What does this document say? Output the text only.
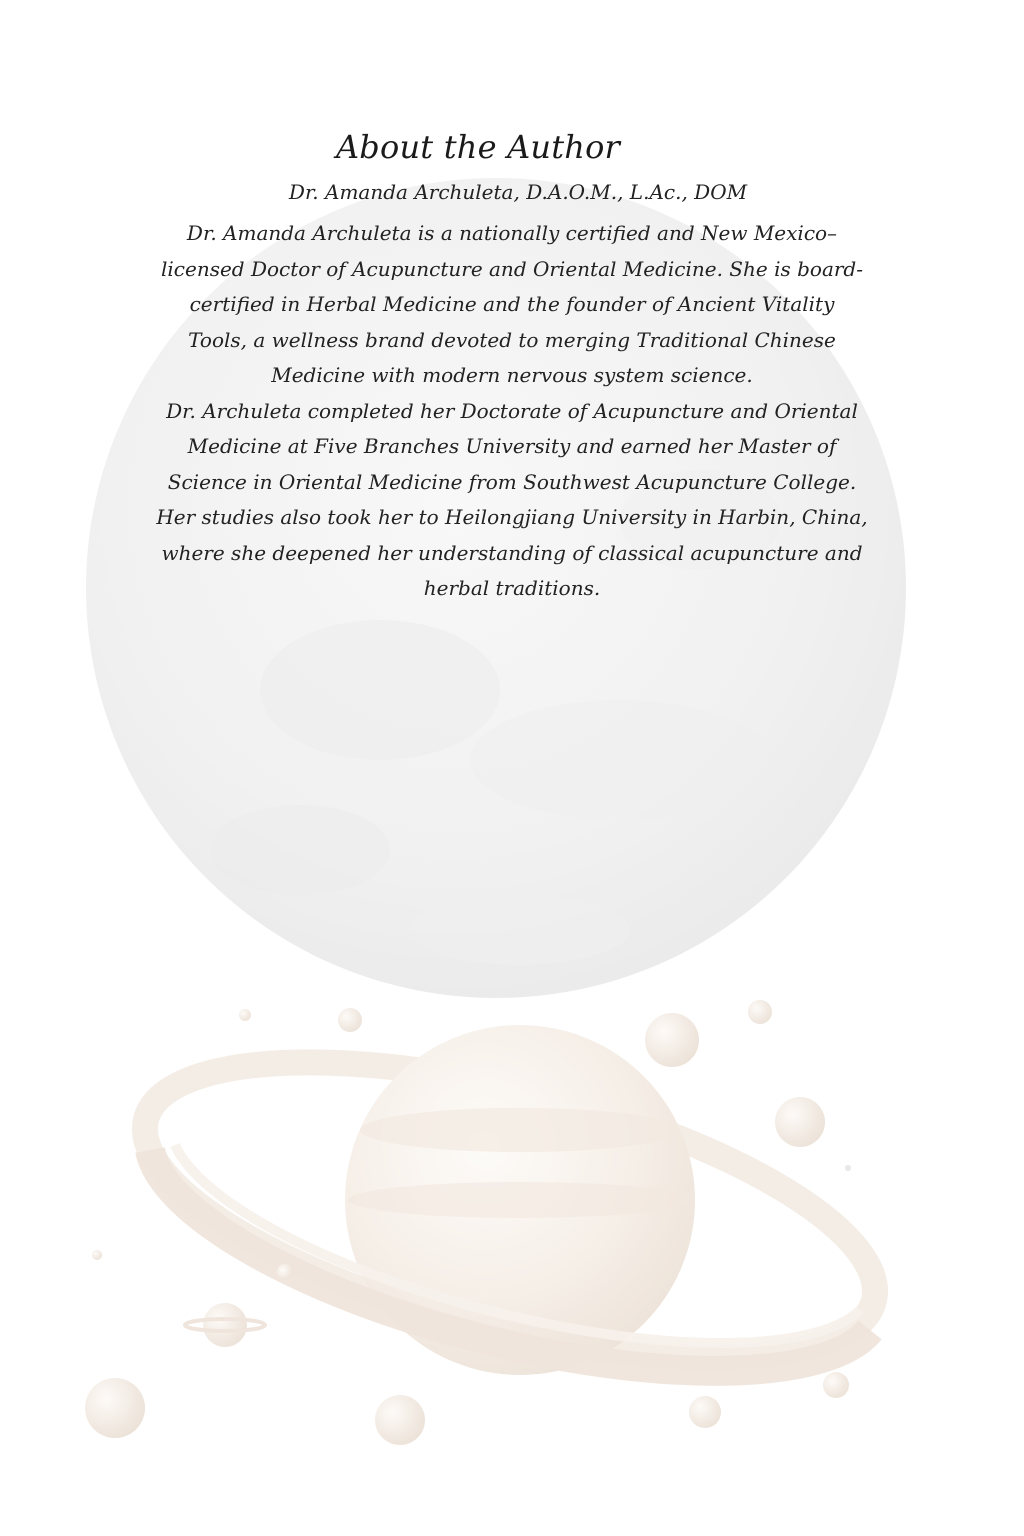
About the Author

Dr. Amanda Archuleta, D.A.O.M., L.Ac., DOM

Dr. Amanda Archuleta is a nationally certified and New Mexico–
licensed Doctor of Acupuncture and Oriental Medicine. She is board-
certified in Herbal Medicine and the founder of Ancient Vitality
Tools, a wellness brand devoted to merging Traditional Chinese
Medicine with modern nervous system science.
Dr. Archuleta completed her Doctorate of Acupuncture and Oriental
Medicine at Five Branches University and earned her Master of
Science in Oriental Medicine from Southwest Acupuncture College.
Her studies also took her to Heilongjiang University in Harbin, China,
where she deepened her understanding of classical acupuncture and
herbal traditions.
